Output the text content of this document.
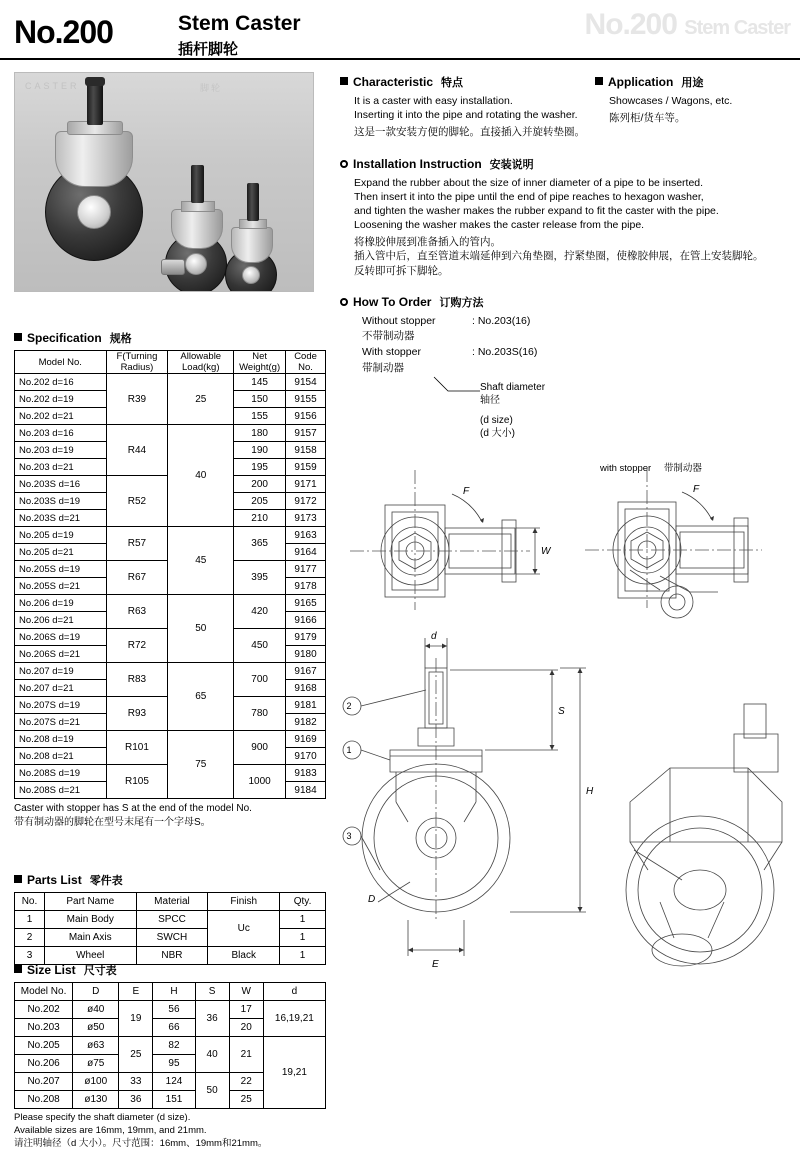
No.200 Stem Caster
No.200	Stem Caster
插杆脚轮
CASTER	脚轮	Characteristic 特点
It is a caster with easy installation.
Inserting it into the pipe and rotating the washer.
这是一款安装方便的脚轮。直接插入并旋转垫圈。
Application 用途
Showcases / Wagons, etc.
陈列柜/货车等。
Installation Instruction 安装说明
Expand the rubber about the size of inner diameter of a pipe to be inserted.
Then insert it into the pipe until the end of pipe reaches to hexagon washer,
and tighten the washer makes the rubber expand to fit the caster with the pipe.
Loosening the washer makes the caster release from the pipe.
将橡胶伸展到准备插入的管内。
插入管中后，直至管道末端延伸到六角垫圈，拧紧垫圈，使橡胶伸展，在管上安装脚轮。
反转即可拆下脚轮。
How To Order 订购方法
Without stopper	: No.203(16)
不带制动器
With stopper	: No.203S(16)
带制动器
Shaft diameter
轴径
(d size)
(d 大小)
Specification 规格
Model No.	F(Turning Radius)	Allowable Load(kg)	Net Weight(g)	Code No.
No.202 d=16	R39	25	145	9154
No.202 d=19			150	9155
No.202 d=21			155	9156
No.203 d=16	R44	40	180	9157
No.203 d=19			190	9158
No.203 d=21			195	9159
No.203S d=16	R52		200	9171
No.203S d=19			205	9172
No.203S d=21			210	9173
No.205 d=19	R57	45	365	9163
No.205 d=21				9164
No.205S d=19	R67		395	9177
No.205S d=21				9178
No.206 d=19	R63	50	420	9165
No.206 d=21				9166
No.206S d=19	R72		450	9179
No.206S d=21				9180
No.207 d=19	R83	65	700	9167
No.207 d=21				9168
No.207S d=19	R93		780	9181
No.207S d=21				9182
No.208 d=19	R101	75	900	9169
No.208 d=21				9170
No.208S d=19	R105		1000	9183
No.208S d=21				9184
Caster with stopper has S at the end of the model No.
带有制动器的脚轮在型号末尾有一个字母S。
Parts List 零件表
No.	Part Name	Material	Finish	Qty.
1	Main Body	SPCC	Uc	1
2	Main Axis	SWCH		1
3	Wheel	NBR	Black	1
Size List 尺寸表
Model No.	D	E	H	S	W	d
No.202	ø40	19	56	36	17	16,19,21
No.203	ø50		66		20	
No.205	ø63	25	82	40	21	19,21
No.206	ø75		95			
No.207	ø100	33	124	50	22	
No.208	ø130	36	151		25	
Please specify the shaft diameter (d size).
Available sizes are 16mm, 19mm, and 21mm.
请注明轴径（d 大小）。尺寸范围：16mm、19mm和21mm。
with stopper 带制动器
F
W
F
d
S
H
E
D
1
2
3
